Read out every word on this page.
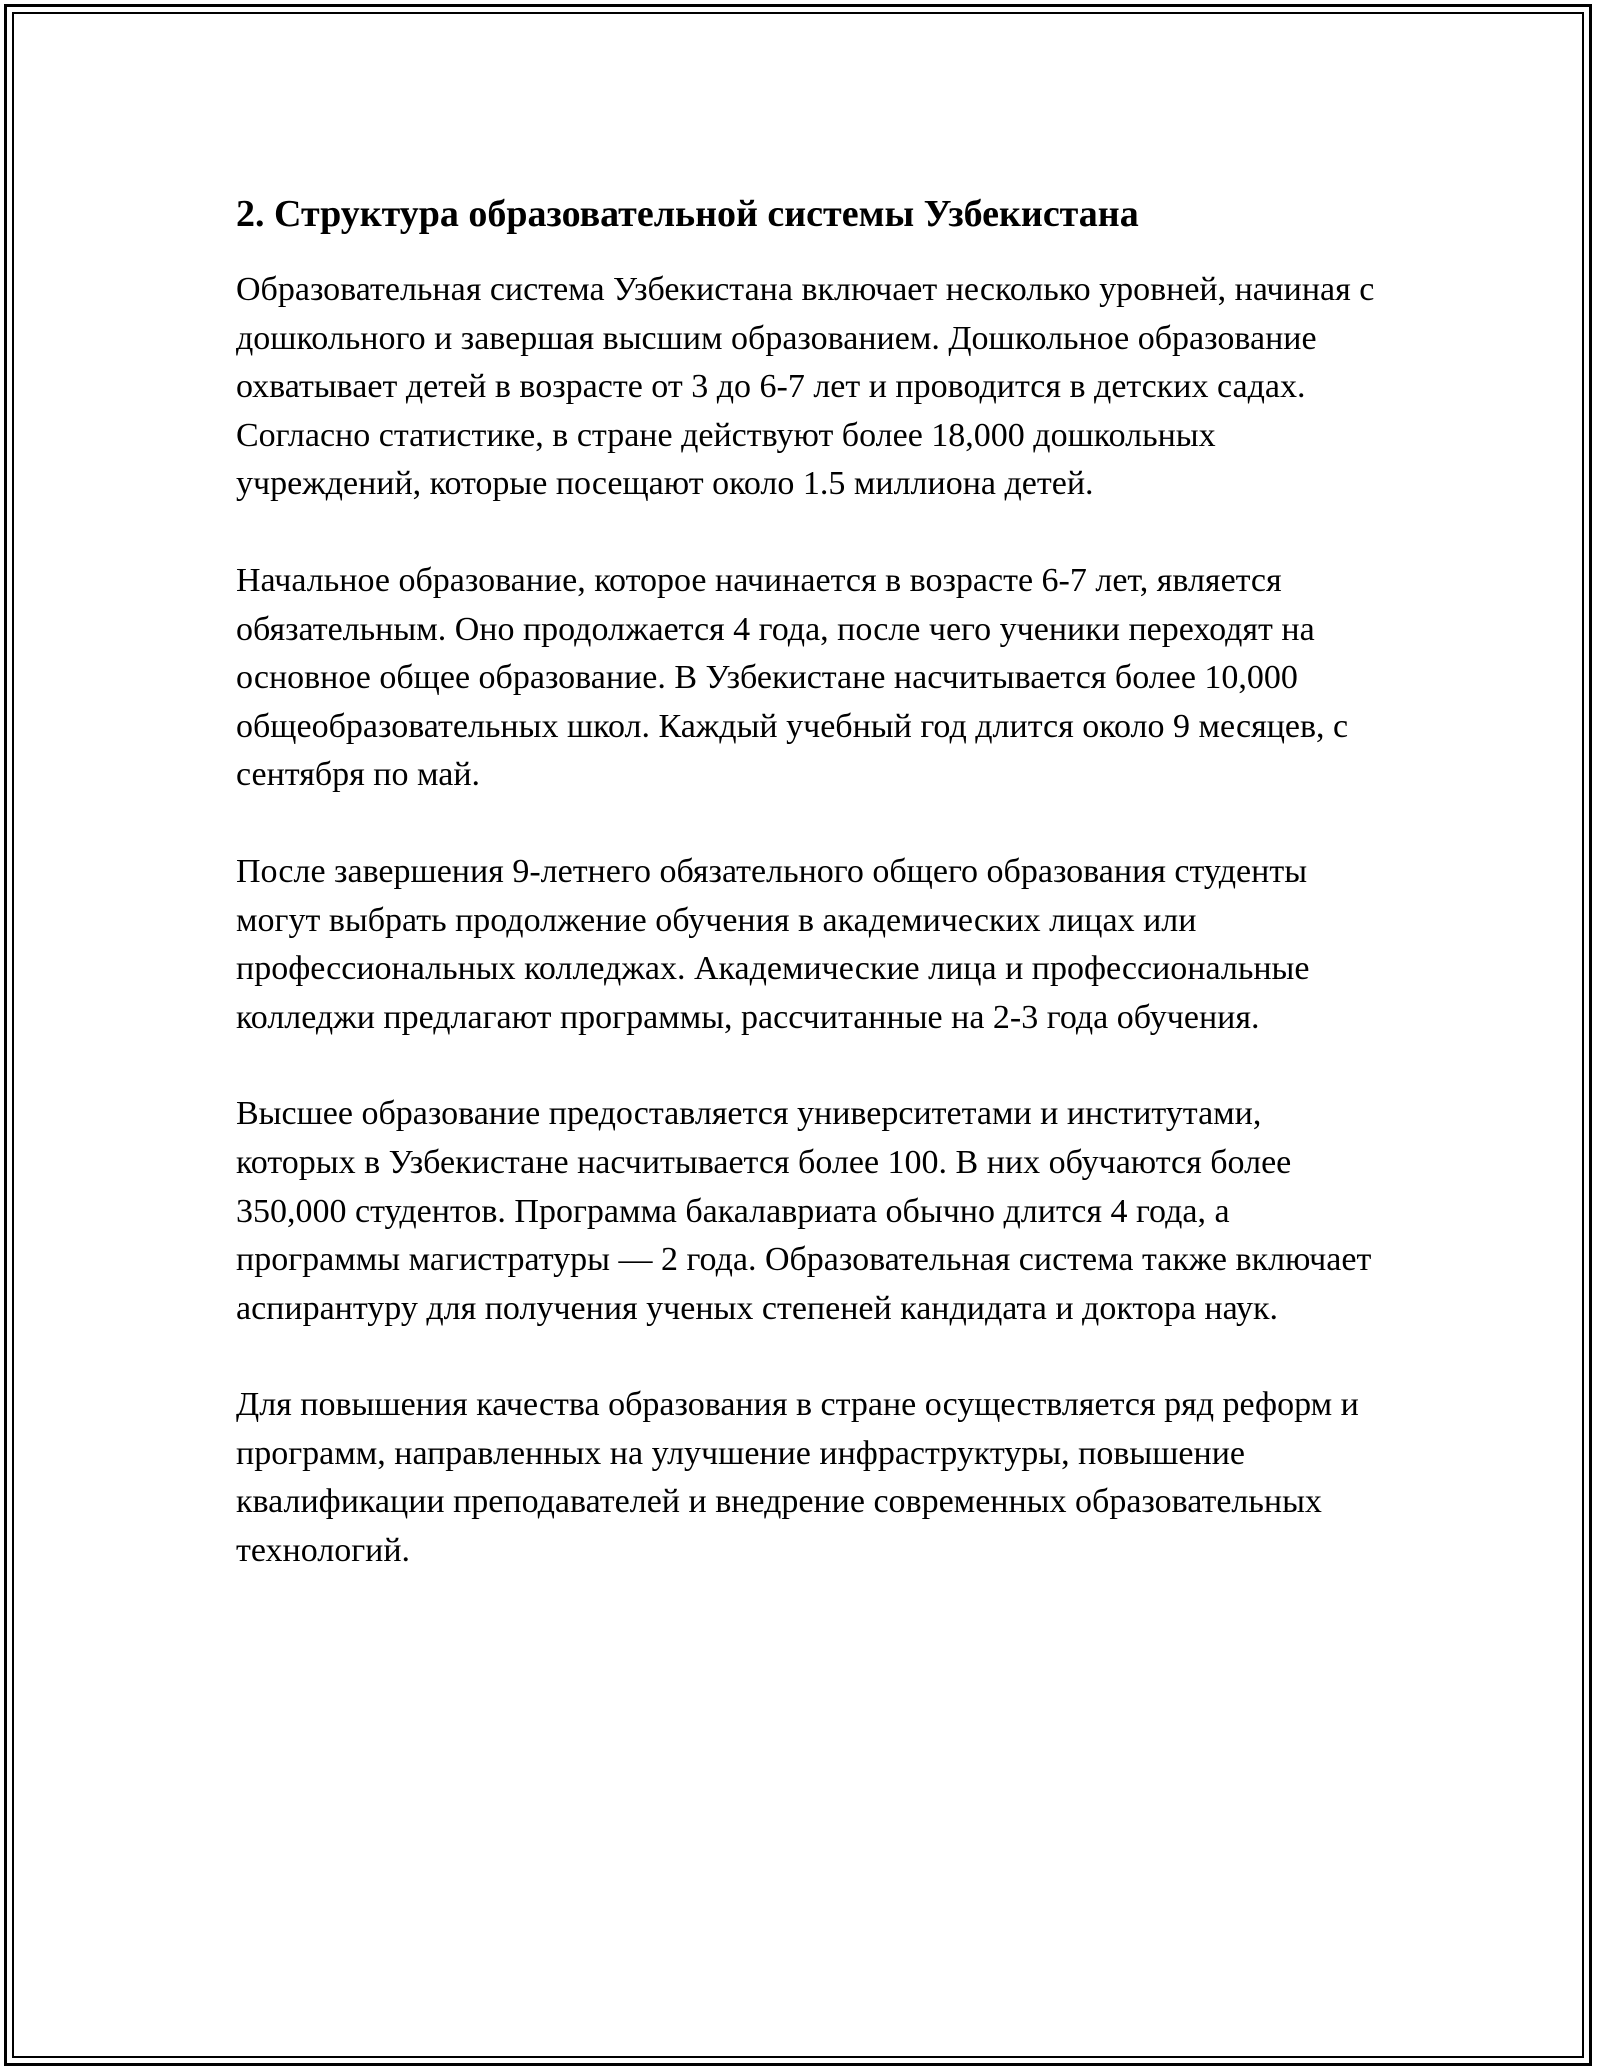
2. Структура образовательной системы Узбекистана

Образовательная система Узбекистана включает несколько уровней, начиная с дошкольного и завершая высшим образованием. Дошкольное образование охватывает детей в возрасте от 3 до 6-7 лет и проводится в детских садах. Согласно статистике, в стране действуют более 18,000 дошкольных учреждений, которые посещают около 1.5 миллиона детей.

Начальное образование, которое начинается в возрасте 6-7 лет, является обязательным. Оно продолжается 4 года, после чего ученики переходят на основное общее образование. В Узбекистане насчитывается более 10,000 общеобразовательных школ. Каждый учебный год длится около 9 месяцев, с сентября по май.

После завершения 9-летнего обязательного общего образования студенты могут выбрать продолжение обучения в академических лицах или профессиональных колледжах. Академические лица и профессиональные колледжи предлагают программы, рассчитанные на 2-3 года обучения.

Высшее образование предоставляется университетами и институтами, которых в Узбекистане насчитывается более 100. В них обучаются более 350,000 студентов. Программа бакалавриата обычно длится 4 года, а программы магистратуры — 2 года. Образовательная система также включает аспирантуру для получения ученых степеней кандидата и доктора наук.

Для повышения качества образования в стране осуществляется ряд реформ и программ, направленных на улучшение инфраструктуры, повышение квалификации преподавателей и внедрение современных образовательных технологий.
